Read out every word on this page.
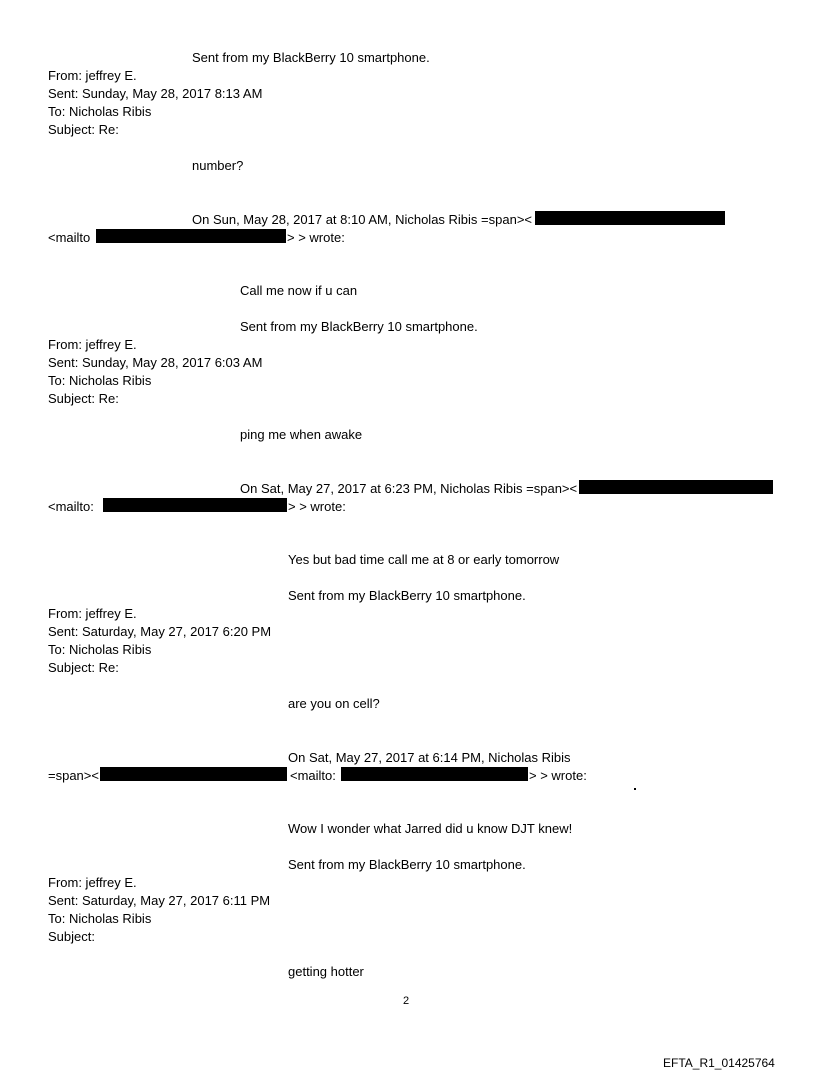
Sent from my BlackBerry 10 smartphone.
From: jeffrey E.
Sent: Sunday, May 28, 2017 8:13 AM
To: Nicholas Ribis
Subject: Re:
number?
On Sun, May 28, 2017 at 8:10 AM, Nicholas Ribis =span><
<mailto	> > wrote:
Call me now if u can
Sent from my BlackBerry 10 smartphone.
From: jeffrey E.
Sent: Sunday, May 28, 2017 6:03 AM
To: Nicholas Ribis
Subject: Re:
ping me when awake
On Sat, May 27, 2017 at 6:23 PM, Nicholas Ribis =span><
<mailto:	> > wrote:
Yes but bad time call me at 8 or early tomorrow
Sent from my BlackBerry 10 smartphone.
From: jeffrey E.
Sent: Saturday, May 27, 2017 6:20 PM
To: Nicholas Ribis
Subject: Re:
are you on cell?
On Sat, May 27, 2017 at 6:14 PM, Nicholas Ribis
=span><	<mailto:	> > wrote:
Wow I wonder what Jarred did u know DJT knew!
Sent from my BlackBerry 10 smartphone.
From: jeffrey E.
Sent: Saturday, May 27, 2017 6:11 PM
To: Nicholas Ribis
Subject:
getting hotter
2
EFTA_R1_01425764
